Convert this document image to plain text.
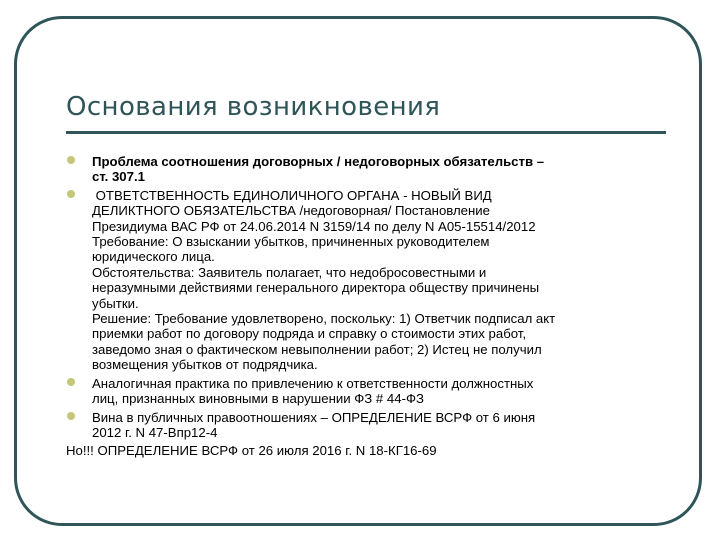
Основания возникновения
Проблема соотношения договорных / недоговорных обязательств –
ст. 307.1
ОТВЕТСТВЕННОСТЬ ЕДИНОЛИЧНОГО ОРГАНА - НОВЫЙ ВИД
ДЕЛИКТНОГО ОБЯЗАТЕЛЬСТВА /недоговорная/ Постановление
Президиума ВАС РФ от 24.06.2014 N 3159/14 по делу N А05-15514/2012
Требование: О взыскании убытков, причиненных руководителем
юридического лица.
Обстоятельства: Заявитель полагает, что недобросовестными и
неразумными действиями генерального директора обществу причинены
убытки.
Решение: Требование удовлетворено, поскольку: 1) Ответчик подписал акт
приемки работ по договору подряда и справку о стоимости этих работ,
заведомо зная о фактическом невыполнении работ; 2) Истец не получил
возмещения убытков от подрядчика.
Аналогичная практика по привлечению к ответственности должностных
лиц, признанных виновными в нарушении ФЗ # 44-ФЗ
Вина в публичных правоотношениях – ОПРЕДЕЛЕНИЕ ВСРФ от 6 июня
2012 г. N 47-Впр12-4
Но!!! ОПРЕДЕЛЕНИЕ ВСРФ от 26 июля 2016 г. N 18-КГ16-69
